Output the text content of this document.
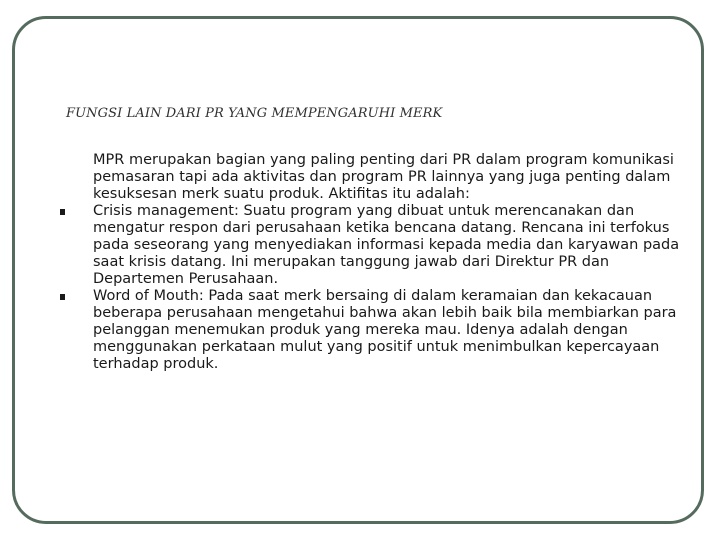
FUNGSI LAIN DARI PR YANG MEMPENGARUHI MERK

MPR merupakan bagian yang paling penting dari PR dalam program komunikasi pemasaran tapi ada aktivitas dan program PR lainnya yang juga penting dalam kesuksesan merk suatu produk. Aktifitas itu adalah:

Crisis management: Suatu program yang dibuat untuk merencanakan dan mengatur respon dari perusahaan ketika bencana datang. Rencana ini terfokus pada seseorang yang menyediakan informasi kepada media dan karyawan pada saat krisis datang. Ini merupakan tanggung jawab dari Direktur PR dan Departemen Perusahaan.
Word of Mouth: Pada saat merk bersaing di dalam keramaian dan kekacauan beberapa perusahaan mengetahui bahwa akan lebih baik bila membiarkan para pelanggan menemukan produk yang mereka mau. Idenya adalah dengan menggunakan perkataan mulut yang positif untuk menimbulkan kepercayaan terhadap produk.
